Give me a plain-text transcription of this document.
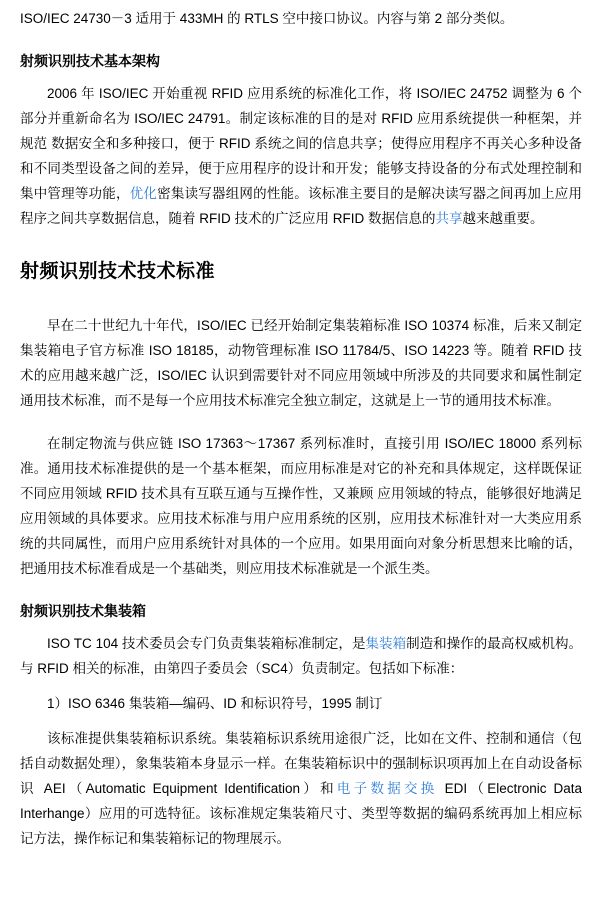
ISO/IEC 24730－3 适用于 433MH 的 RTLS 空中接口协议。内容与第 2 部分类似。

射频识别技术基本架构

2006 年 ISO/IEC 开始重视 RFID 应用系统的标准化工作，将 ISO/IEC 24752 调整为 6 个部分并重新命名为 ISO/IEC 24791。制定该标准的目的是对 RFID 应用系统提供一种框架，并规范 数据安全和多种接口，便于 RFID 系统之间的信息共享；使得应用程序不再关心多种设备和不同类型设备之间的差异，便于应用程序的设计和开发；能够支持设备的分布式处理控制和集中管理等功能，优化密集读写器组网的性能。该标准主要目的是解决读写器之间再加上应用程序之间共享数据信息，随着 RFID 技术的广泛应用 RFID 数据信息的共享越来越重要。

射频识别技术技术标准

早在二十世纪九十年代，ISO/IEC 已经开始制定集装箱标准 ISO 10374 标准，后来又制定集装箱电子官方标准 ISO 18185，动物管理标准 ISO 11784/5、ISO 14223 等。随着 RFID 技术的应用越来越广泛，ISO/IEC 认识到需要针对不同应用领域中所涉及的共同要求和属性制定通用技术标准，而不是每一个应用技术标准完全独立制定，这就是上一节的通用技术标准。

在制定物流与供应链 ISO 17363～17367 系列标准时，直接引用 ISO/IEC 18000 系列标准。通用技术标准提供的是一个基本框架，而应用标准是对它的补充和具体规定，这样既保证 不同应用领域 RFID 技术具有互联互通与互操作性，又兼顾 应用领域的特点，能够很好地满足应用领域的具体要求。应用技术标准与用户应用系统的区别，应用技术标准针对一大类应用系统的共同属性，而用户应用系统针对具体的一个应用。如果用面向对象分析思想来比喻的话，把通用技术标准看成是一个基础类，则应用技术标准就是一个派生类。

射频识别技术集装箱

ISO TC 104 技术委员会专门负责集装箱标准制定，是集装箱制造和操作的最高权威机构。与 RFID 相关的标准，由第四子委员会（SC4）负责制定。包括如下标准：

1）ISO 6346 集装箱—编码、ID 和标识符号，1995 制订

该标准提供集装箱标识系统。集装箱标识系统用途很广泛，比如在文件、控制和通信（包括自动数据处理），象集装箱本身显示一样。在集装箱标识中的强制标识项再加上在自动设备标识 AEI（Automatic Equipment Identification）和电子数据交换 EDI（Electronic Data Interhange）应用的可选特征。该标准规定集装箱尺寸、类型等数据的编码系统再加上相应标记方法，操作标记和集装箱标记的物理展示。
